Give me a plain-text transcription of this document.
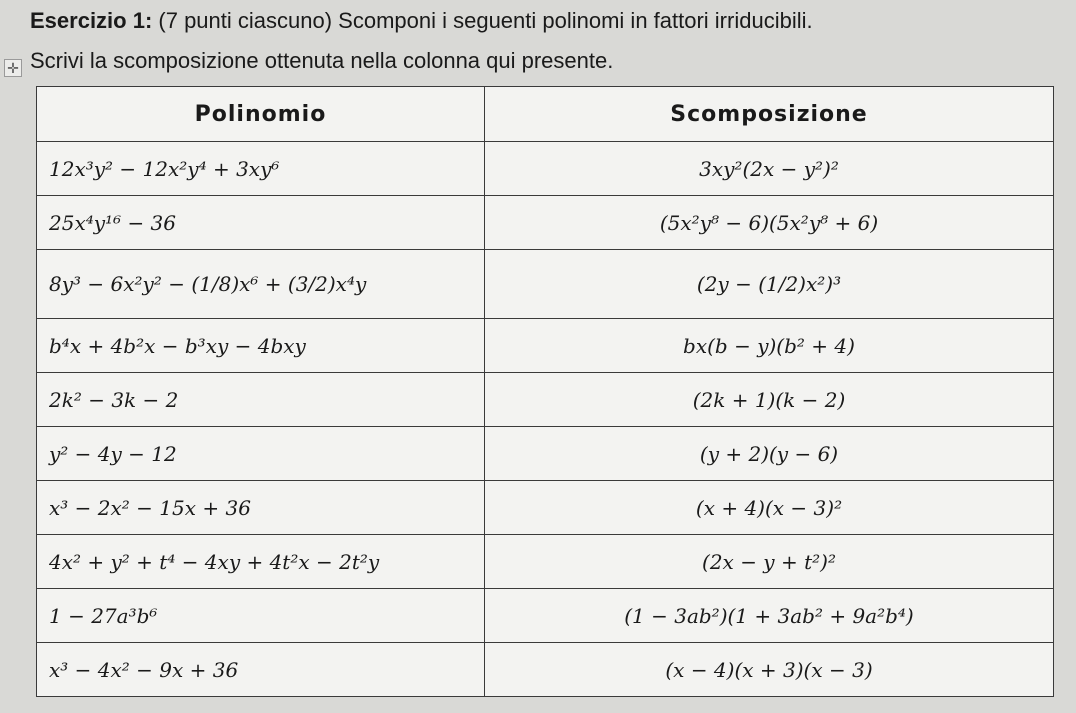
Esercizio 1: (7 punti ciascuno) Scomponi i seguenti polinomi in fattori irriducibili.
Scrivi la scomposizione ottenuta nella colonna qui presente.
✛
Polinomio	Scomposizione
12x³y² − 12x²y⁴ + 3xy⁶	3xy²(2x − y²)²
25x⁴y¹⁶ − 36	(5x²y⁸ − 6)(5x²y⁸ + 6)
8y³ − 6x²y² − (1/8)x⁶ + (3/2)x⁴y	(2y − (1/2)x²)³
b⁴x + 4b²x − b³xy − 4bxy	bx(b − y)(b² + 4)
2k² − 3k − 2	(2k + 1)(k − 2)
y² − 4y − 12	(y + 2)(y − 6)
x³ − 2x² − 15x + 36	(x + 4)(x − 3)²
4x² + y² + t⁴ − 4xy + 4t²x − 2t²y	(2x − y + t²)²
1 − 27a³b⁶	(1 − 3ab²)(1 + 3ab² + 9a²b⁴)
x³ − 4x² − 9x + 36	(x − 4)(x + 3)(x − 3)
